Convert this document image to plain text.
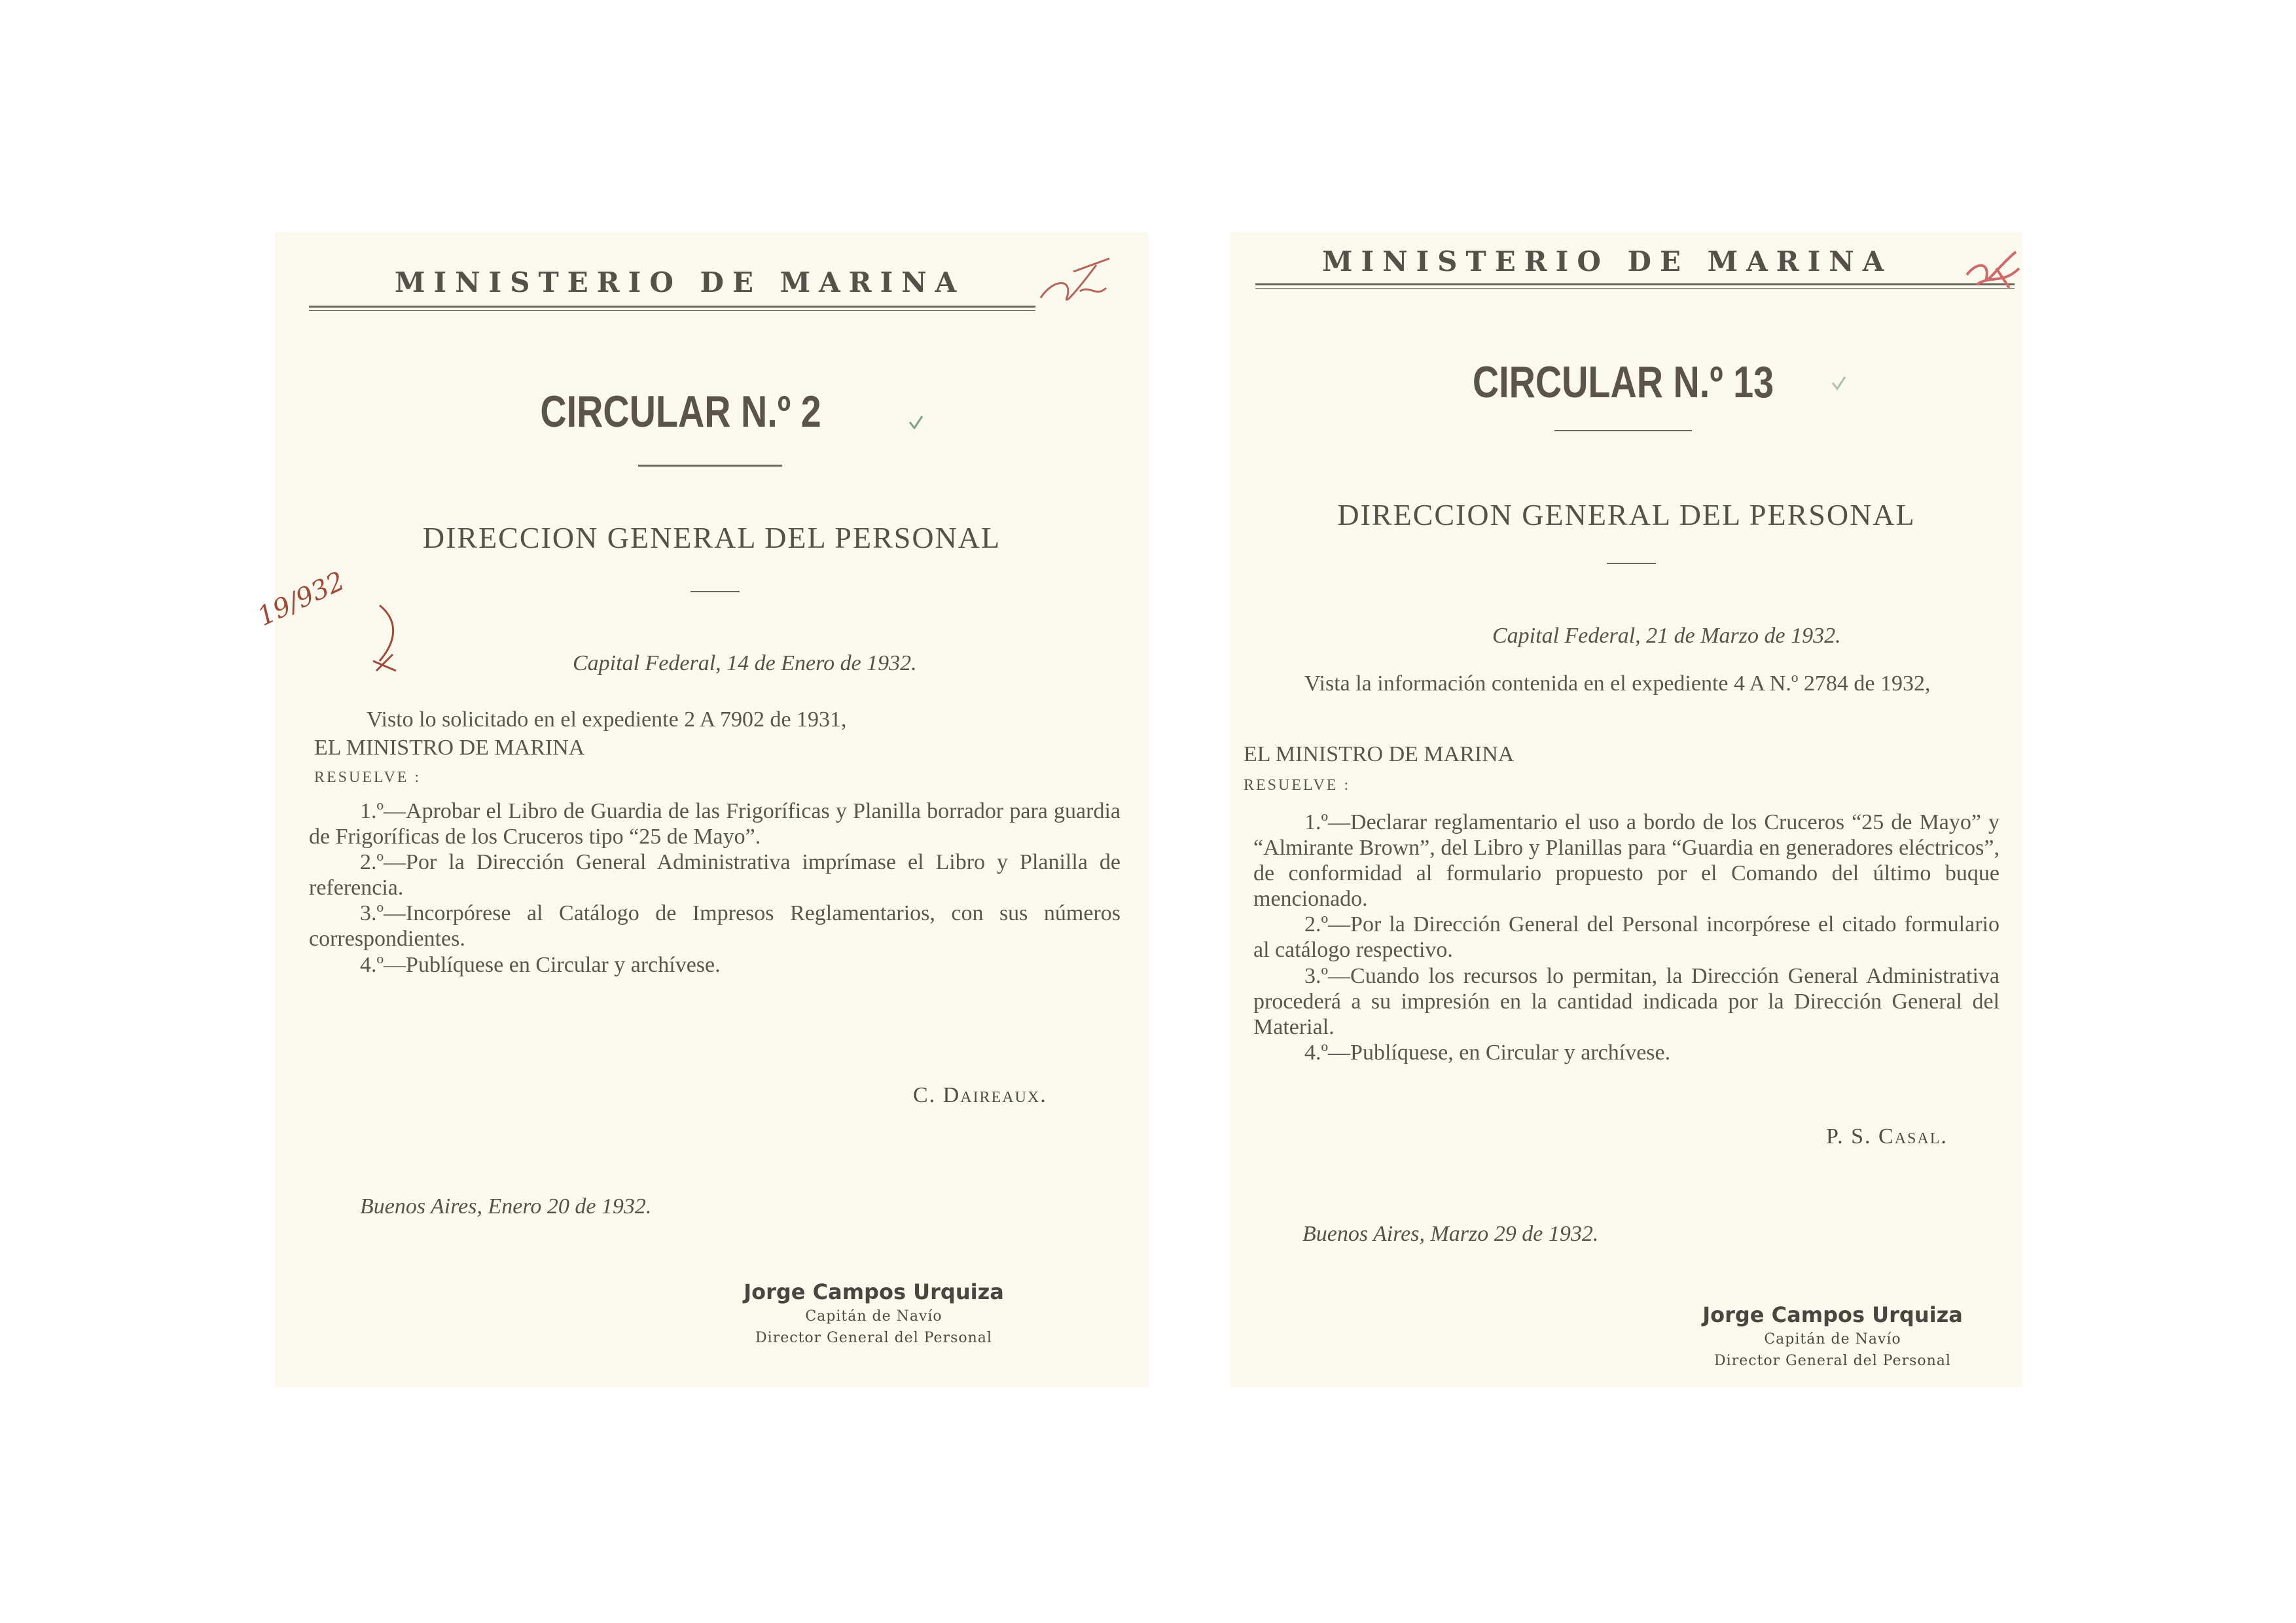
MINISTERIO DE MARINA
CIRCULAR N.º 2
DIRECCION GENERAL DEL PERSONAL
19/932
Capital Federal, 14 de Enero de 1932.
Visto lo solicitado en el expediente 2 A 7902 de 1931,
EL MINISTRO DE MARINA
RESUELVE :

1.º—Aprobar el Libro de Guardia de las Frigoríficas y Planilla borrador para guardia de Frigoríficas de los Cruceros tipo “25 de Mayo”.

2.º—Por la Dirección General Administrativa imprímase el Libro y Planilla de referencia.

3.º—Incorpórese al Catálogo de Impresos Reglamentarios, con sus números correspondientes.

4.º—Publíquese en Circular y archívese.

C. Daireaux.
Buenos Aires, Enero 20 de 1932.
Jorge Campos Urquiza
Capitán de Navío
Director General del Personal
MINISTERIO DE MARINA
CIRCULAR N.º 13
DIRECCION GENERAL DEL PERSONAL
Capital Federal, 21 de Marzo de 1932.

Vista la información contenida en el expediente 4 A N.º 2784 de 1932,

EL MINISTRO DE MARINA
RESUELVE :

1.º—Declarar reglamentario el uso a bordo de los Cruceros “25 de Mayo” y “Almirante Brown”, del Libro y Planillas para “Guardia en generadores eléctricos”, de conformidad al formulario propuesto por el Comando del último buque mencionado.

2.º—Por la Dirección General del Personal incorpórese el citado formulario al catálogo respectivo.

3.º—Cuando los recursos lo permitan, la Dirección General Administrativa procederá a su impresión en la cantidad indicada por la Dirección General del Material.

4.º—Publíquese, en Circular y archívese.

P. S. Casal.
Buenos Aires, Marzo 29 de 1932.
Jorge Campos Urquiza
Capitán de Navío
Director General del Personal
